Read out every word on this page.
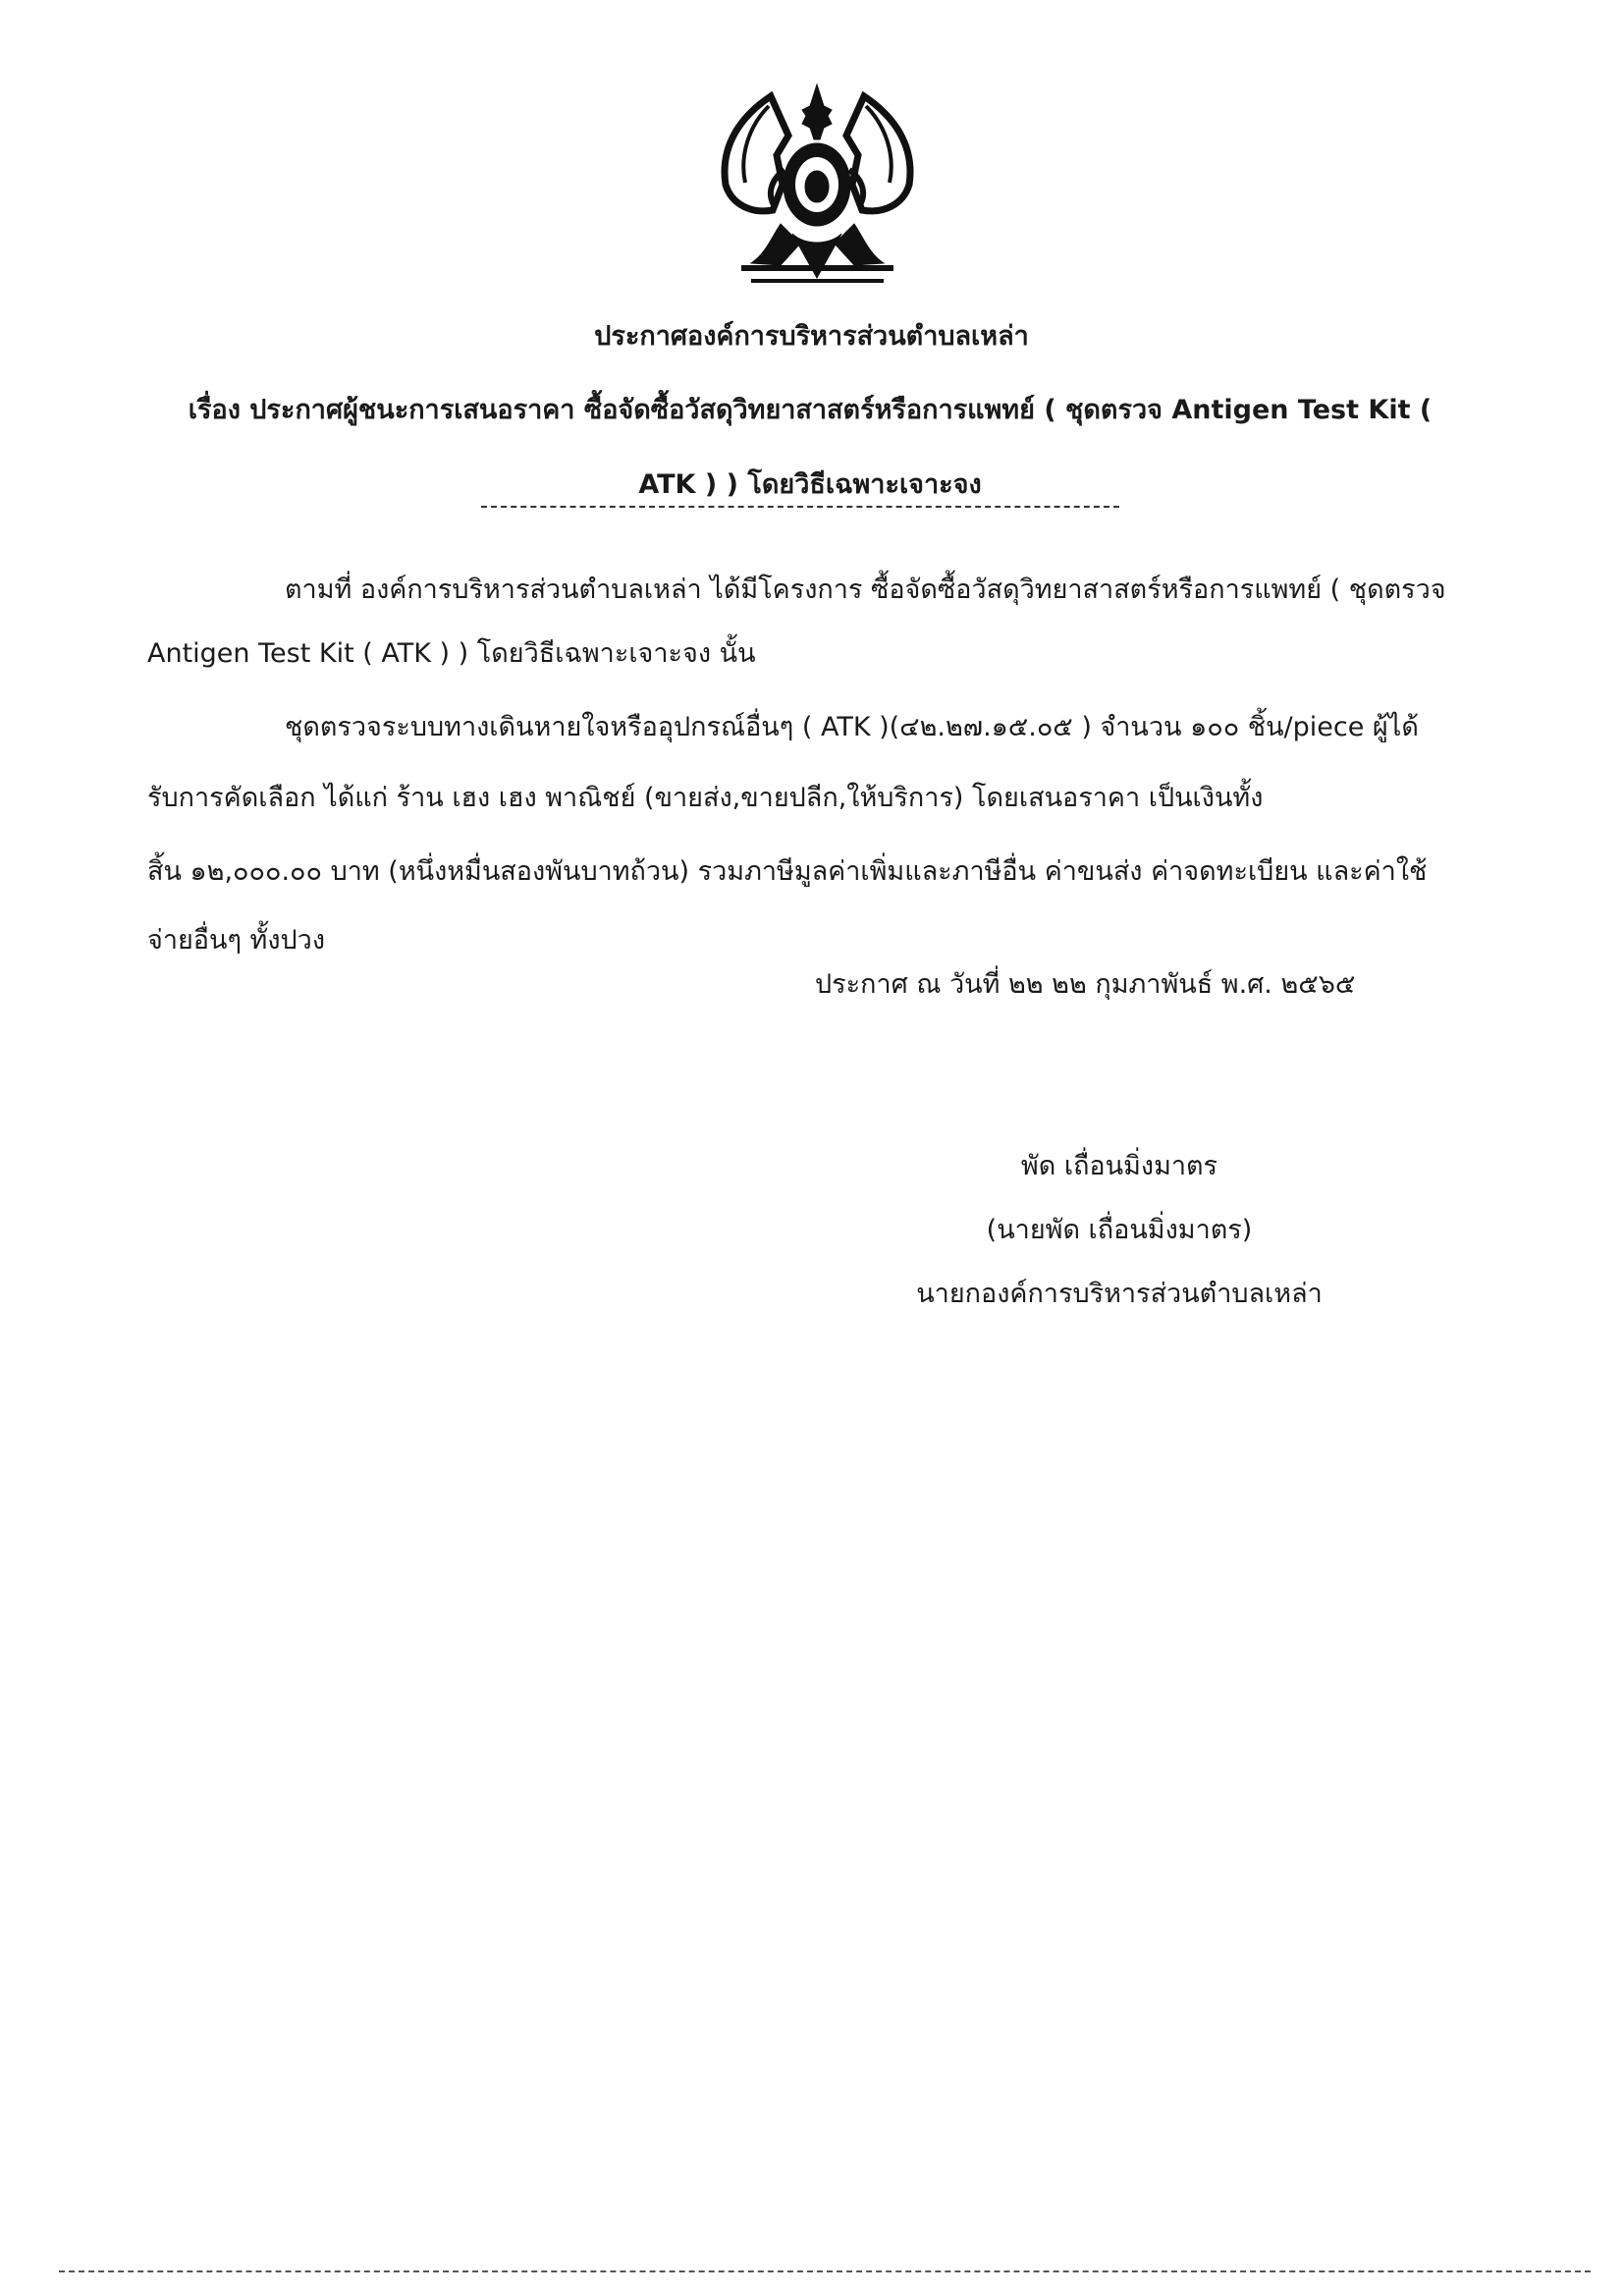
ประกาศองค์การบริหารส่วนตำบลเหล่า
เรื่อง ประกาศผู้ชนะการเสนอราคา ซื้อจัดซื้อวัสดุวิทยาสาสตร์หรือการแพทย์ ( ชุดตรวจ Antigen Test Kit (
ATK ) ) โดยวิธีเฉพาะเจาะจง
ตามที่ องค์การบริหารส่วนตำบลเหล่า ได้มีโครงการ ซื้อจัดซื้อวัสดุวิทยาสาสตร์หรือการแพทย์ ( ชุดตรวจ
Antigen Test Kit ( ATK ) ) โดยวิธีเฉพาะเจาะจง นั้น
ชุดตรวจระบบทางเดินหายใจหรืออุปกรณ์อื่นๆ ( ATK )(๔๒.๒๗.๑๕.๐๕ ) จำนวน ๑๐๐ ชิ้น/piece ผู้ได้
รับการคัดเลือก ได้แก่ ร้าน เฮง เฮง พาณิชย์ (ขายส่ง,ขายปลีก,ให้บริการ) โดยเสนอราคา เป็นเงินทั้ง
สิ้น ๑๒,๐๐๐.๐๐ บาท (หนึ่งหมื่นสองพันบาทถ้วน) รวมภาษีมูลค่าเพิ่มและภาษีอื่น ค่าขนส่ง ค่าจดทะเบียน และค่าใช้
จ่ายอื่นๆ ทั้งปวง
ประกาศ ณ วันที่ ๒๒ ๒๒ กุมภาพันธ์ พ.ศ. ๒๕๖๕
พัด เถื่อนมิ่งมาตร
(นายพัด เถื่อนมิ่งมาตร)
นายกองค์การบริหารส่วนตำบลเหล่า
